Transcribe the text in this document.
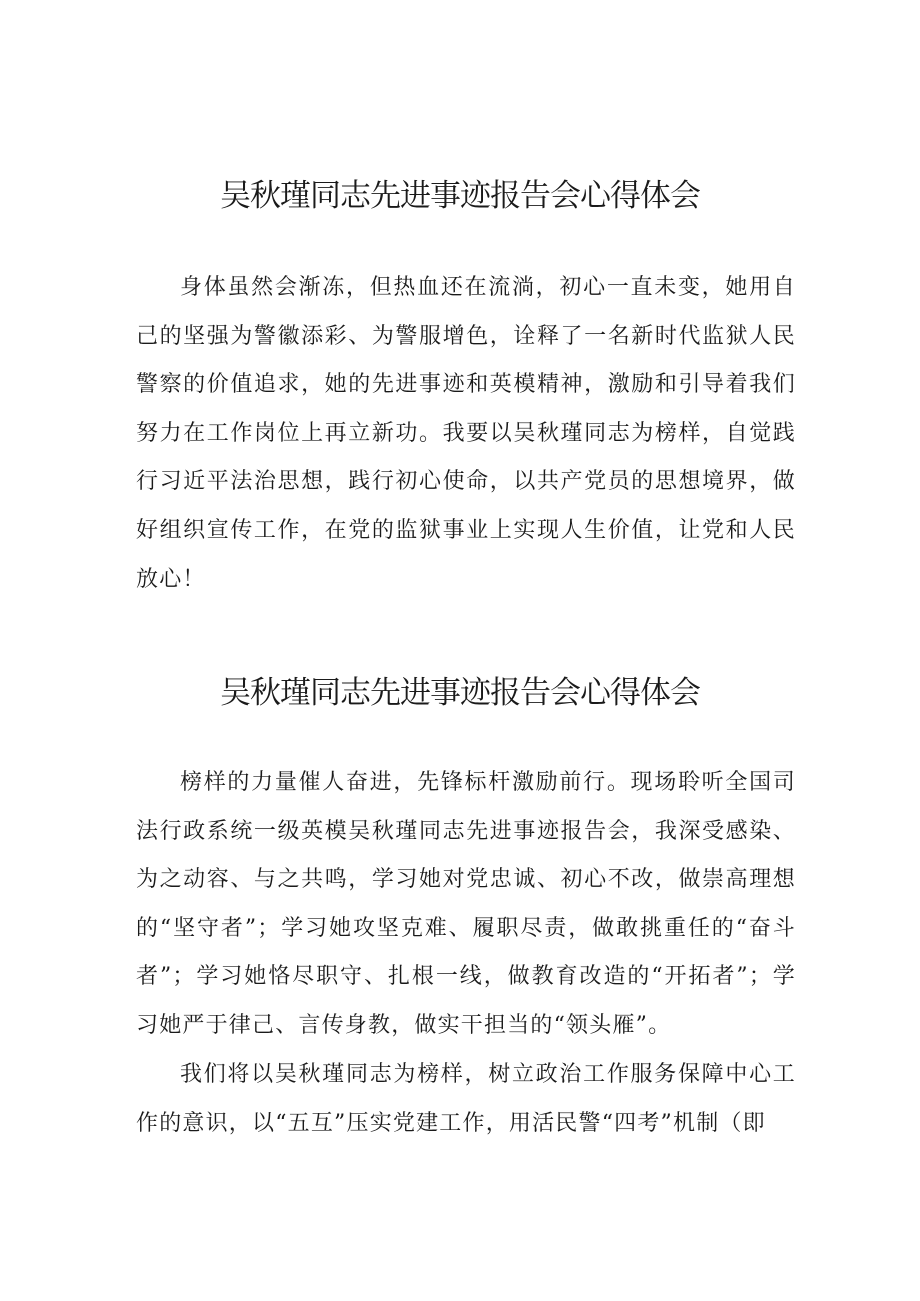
吴秋瑾同志先进事迹报告会心得体会

身体虽然会渐冻，但热血还在流淌，初心一直未变，她用自己的坚强为警徽添彩、为警服增色，诠释了一名新时代监狱人民警察的价值追求，她的先进事迹和英模精神，激励和引导着我们努力在工作岗位上再立新功。我要以吴秋瑾同志为榜样，自觉践行习近平法治思想，践行初心使命，以共产党员的思想境界，做好组织宣传工作，在党的监狱事业上实现人生价值，让党和人民放心！

吴秋瑾同志先进事迹报告会心得体会

榜样的力量催人奋进，先锋标杆激励前行。现场聆听全国司法行政系统一级英模吴秋瑾同志先进事迹报告会，我深受感染、为之动容、与之共鸣，学习她对党忠诚、初心不改，做崇高理想的“坚守者”；学习她攻坚克难、履职尽责，做敢挑重任的“奋斗者”；学习她恪尽职守、扎根一线，做教育改造的“开拓者”；学习她严于律己、言传身教，做实干担当的“领头雁”。

我们将以吴秋瑾同志为榜样，树立政治工作服务保障中心工作的意识，以“五互”压实党建工作，用活民警“四考”机制（即
